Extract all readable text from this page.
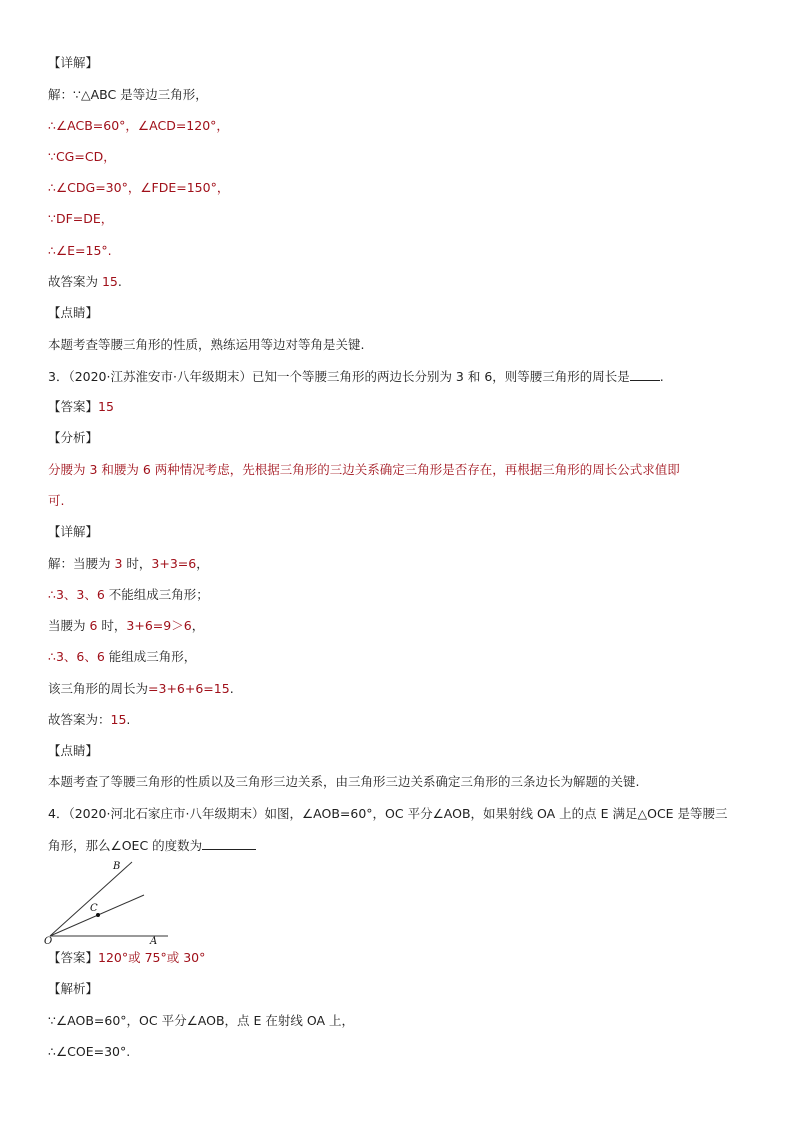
【详解】
解：∵△ABC 是等边三角形，
∴∠ACB=60°，∠ACD=120°，
∵CG=CD，
∴∠CDG=30°，∠FDE=150°，
∵DF=DE，
∴∠E=15°.
故答案为 15.
【点睛】
本题考查等腰三角形的性质，熟练运用等边对等角是关键.
3．（2020·江苏淮安市·八年级期末）已知一个等腰三角形的两边长分别为 3 和 6，则等腰三角形的周长是 .
【答案】15
【分析】
分腰为 3 和腰为 6 两种情况考虑，先根据三角形的三边关系确定三角形是否存在，再根据三角形的周长公式求值即
可.
【详解】
解：当腰为 3 时，3+3=6，
∴3、3、6 不能组成三角形；
当腰为 6 时，3+6=9＞6，
∴3、6、6 能组成三角形，
该三角形的周长为=3+6+6=15.
故答案为：15.
【点睛】
本题考查了等腰三角形的性质以及三角形三边关系，由三角形三边关系确定三角形的三条边长为解题的关键.
4．（2020·河北石家庄市·八年级期末）如图，∠AOB=60°，OC 平分∠AOB，如果射线 OA 上的点 E 满足△OCE 是等腰三
角形，那么∠OEC 的度数为
【答案】120°或 75°或 30°
【解析】
∵∠AOB=60°，OC 平分∠AOB，点 E 在射线 OA 上，
∴∠COE=30°.
O	A
B
C
